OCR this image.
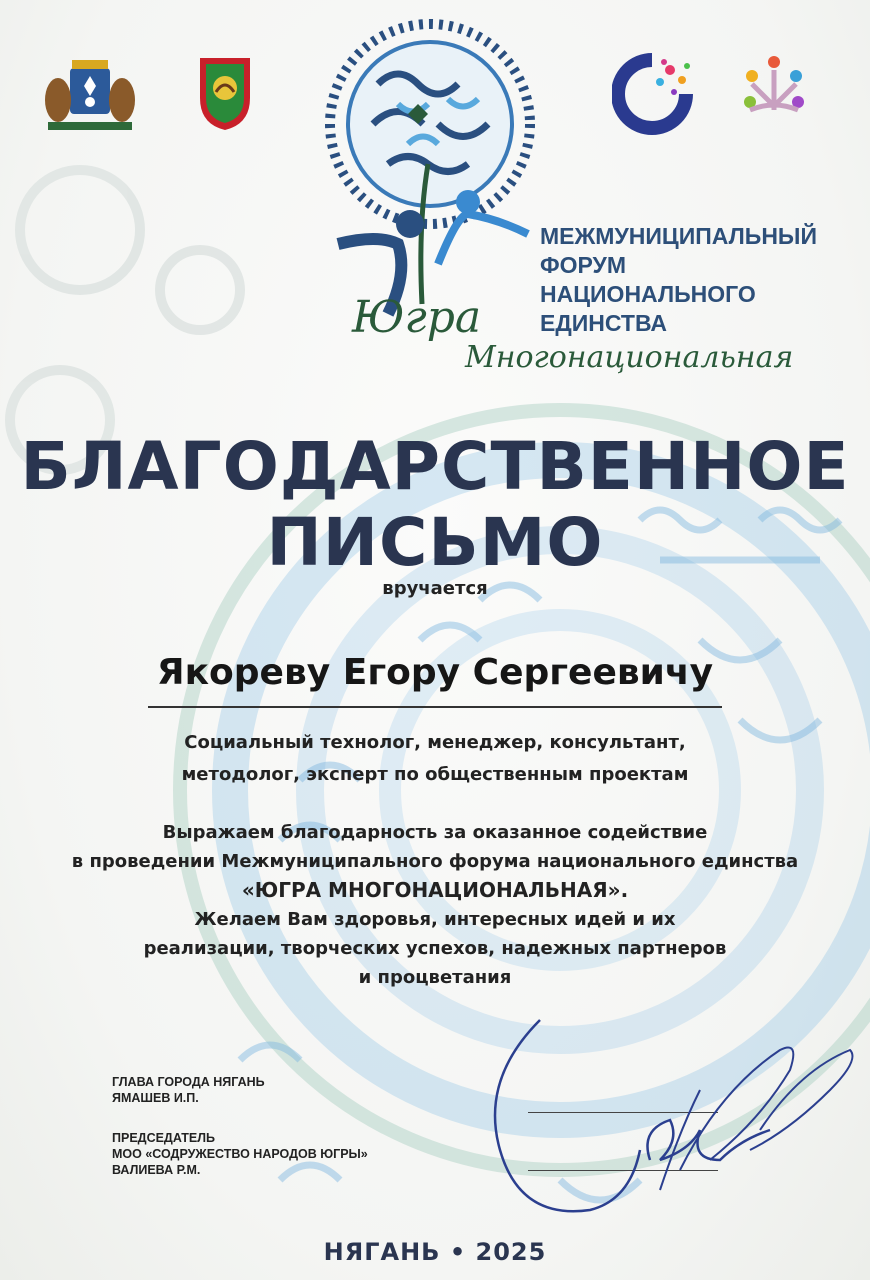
Югра
Многонациональная
МЕЖМУНИЦИПАЛЬНЫЙ
ФОРУМ
НАЦИОНАЛЬНОГО
ЕДИНСТВА
БЛАГОДАРСТВЕННОЕ
ПИСЬМО
вручается
Якореву Егору Сергеевичу
Социальный технолог, менеджер, консультант,
методолог, эксперт по общественным проектам
Выражаем благодарность за оказанное содействие
в проведении Межмуниципального форума национального единства
«ЮГРА МНОГОНАЦИОНАЛЬНАЯ».
Желаем Вам здоровья, интересных идей и их
реализации, творческих успехов, надежных партнеров
и процветания
ГЛАВА ГОРОДА НЯГАНЬ
ЯМАШЕВ И.П.
ПРЕДСЕДАТЕЛЬ
МОО «СОДРУЖЕСТВО НАРОДОВ ЮГРЫ»
ВАЛИЕВА Р.М.
НЯГАНЬ • 2025
